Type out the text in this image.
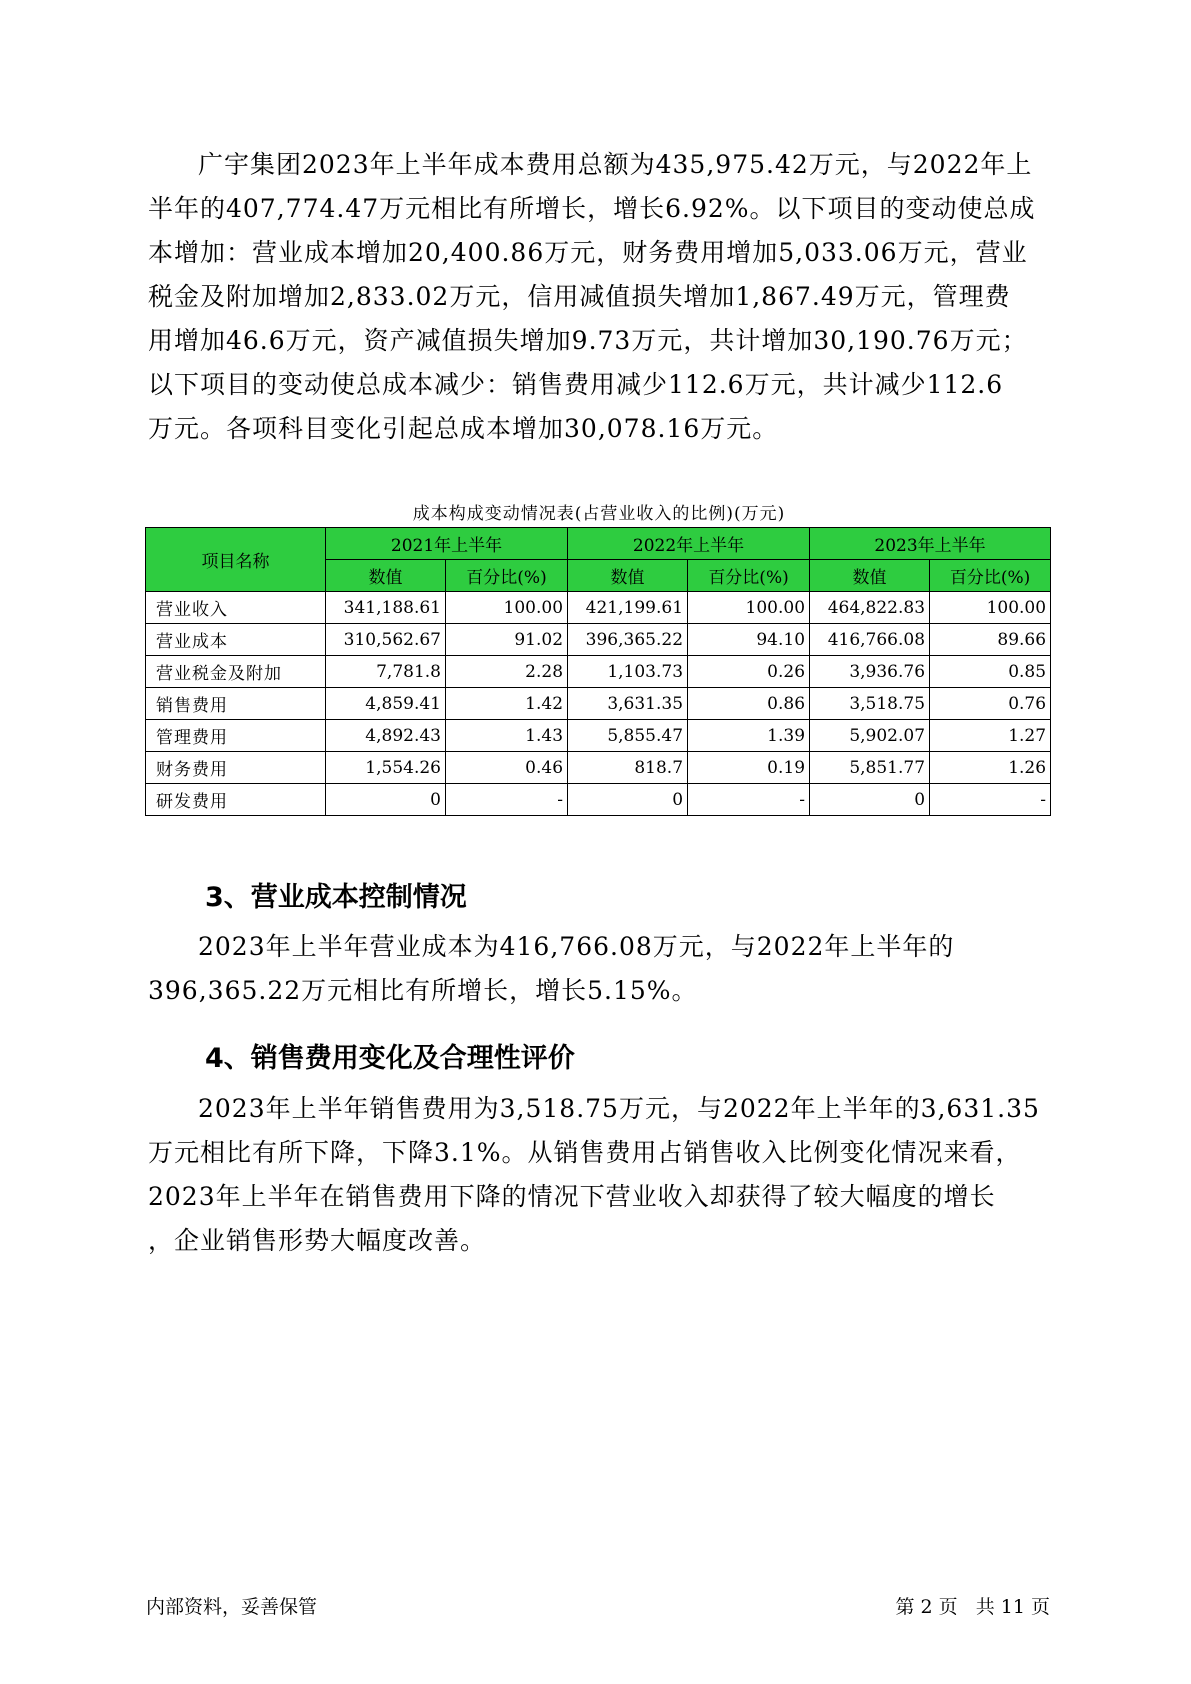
广宇集团2023年上半年成本费用总额为435,975.42万元，与2022年上
半年的407,774.47万元相比有所增长，增长6.92%。以下项目的变动使总成
本增加：营业成本增加20,400.86万元，财务费用增加5,033.06万元，营业
税金及附加增加2,833.02万元，信用减值损失增加1,867.49万元，管理费
用增加46.6万元，资产减值损失增加9.73万元，共计增加30,190.76万元；
以下项目的变动使总成本减少：销售费用减少112.6万元，共计减少112.6
万元。各项科目变化引起总成本增加30,078.16万元。
成本构成变动情况表(占营业收入的比例)(万元)
项目名称	2021年上半年		2022年上半年		2023年上半年	
	数值	百分比(%)	数值	百分比(%)	数值	百分比(%)
营业收入	341,188.61	100.00	421,199.61	100.00	464,822.83	100.00
营业成本	310,562.67	91.02	396,365.22	94.10	416,766.08	89.66
营业税金及附加	7,781.8	2.28	1,103.73	0.26	3,936.76	0.85
销售费用	4,859.41	1.42	3,631.35	0.86	3,518.75	0.76
管理费用	4,892.43	1.43	5,855.47	1.39	5,902.07	1.27
财务费用	1,554.26	0.46	818.7	0.19	5,851.77	1.26
研发费用	0	-	0	-	0	-
3、营业成本控制情况
2023年上半年营业成本为416,766.08万元，与2022年上半年的
396,365.22万元相比有所增长，增长5.15%。
4、销售费用变化及合理性评价
2023年上半年销售费用为3,518.75万元，与2022年上半年的3,631.35
万元相比有所下降，下降3.1%。从销售费用占销售收入比例变化情况来看，
2023年上半年在销售费用下降的情况下营业收入却获得了较大幅度的增长
，企业销售形势大幅度改善。
内部资料，妥善保管	第 2 页   共 11 页
